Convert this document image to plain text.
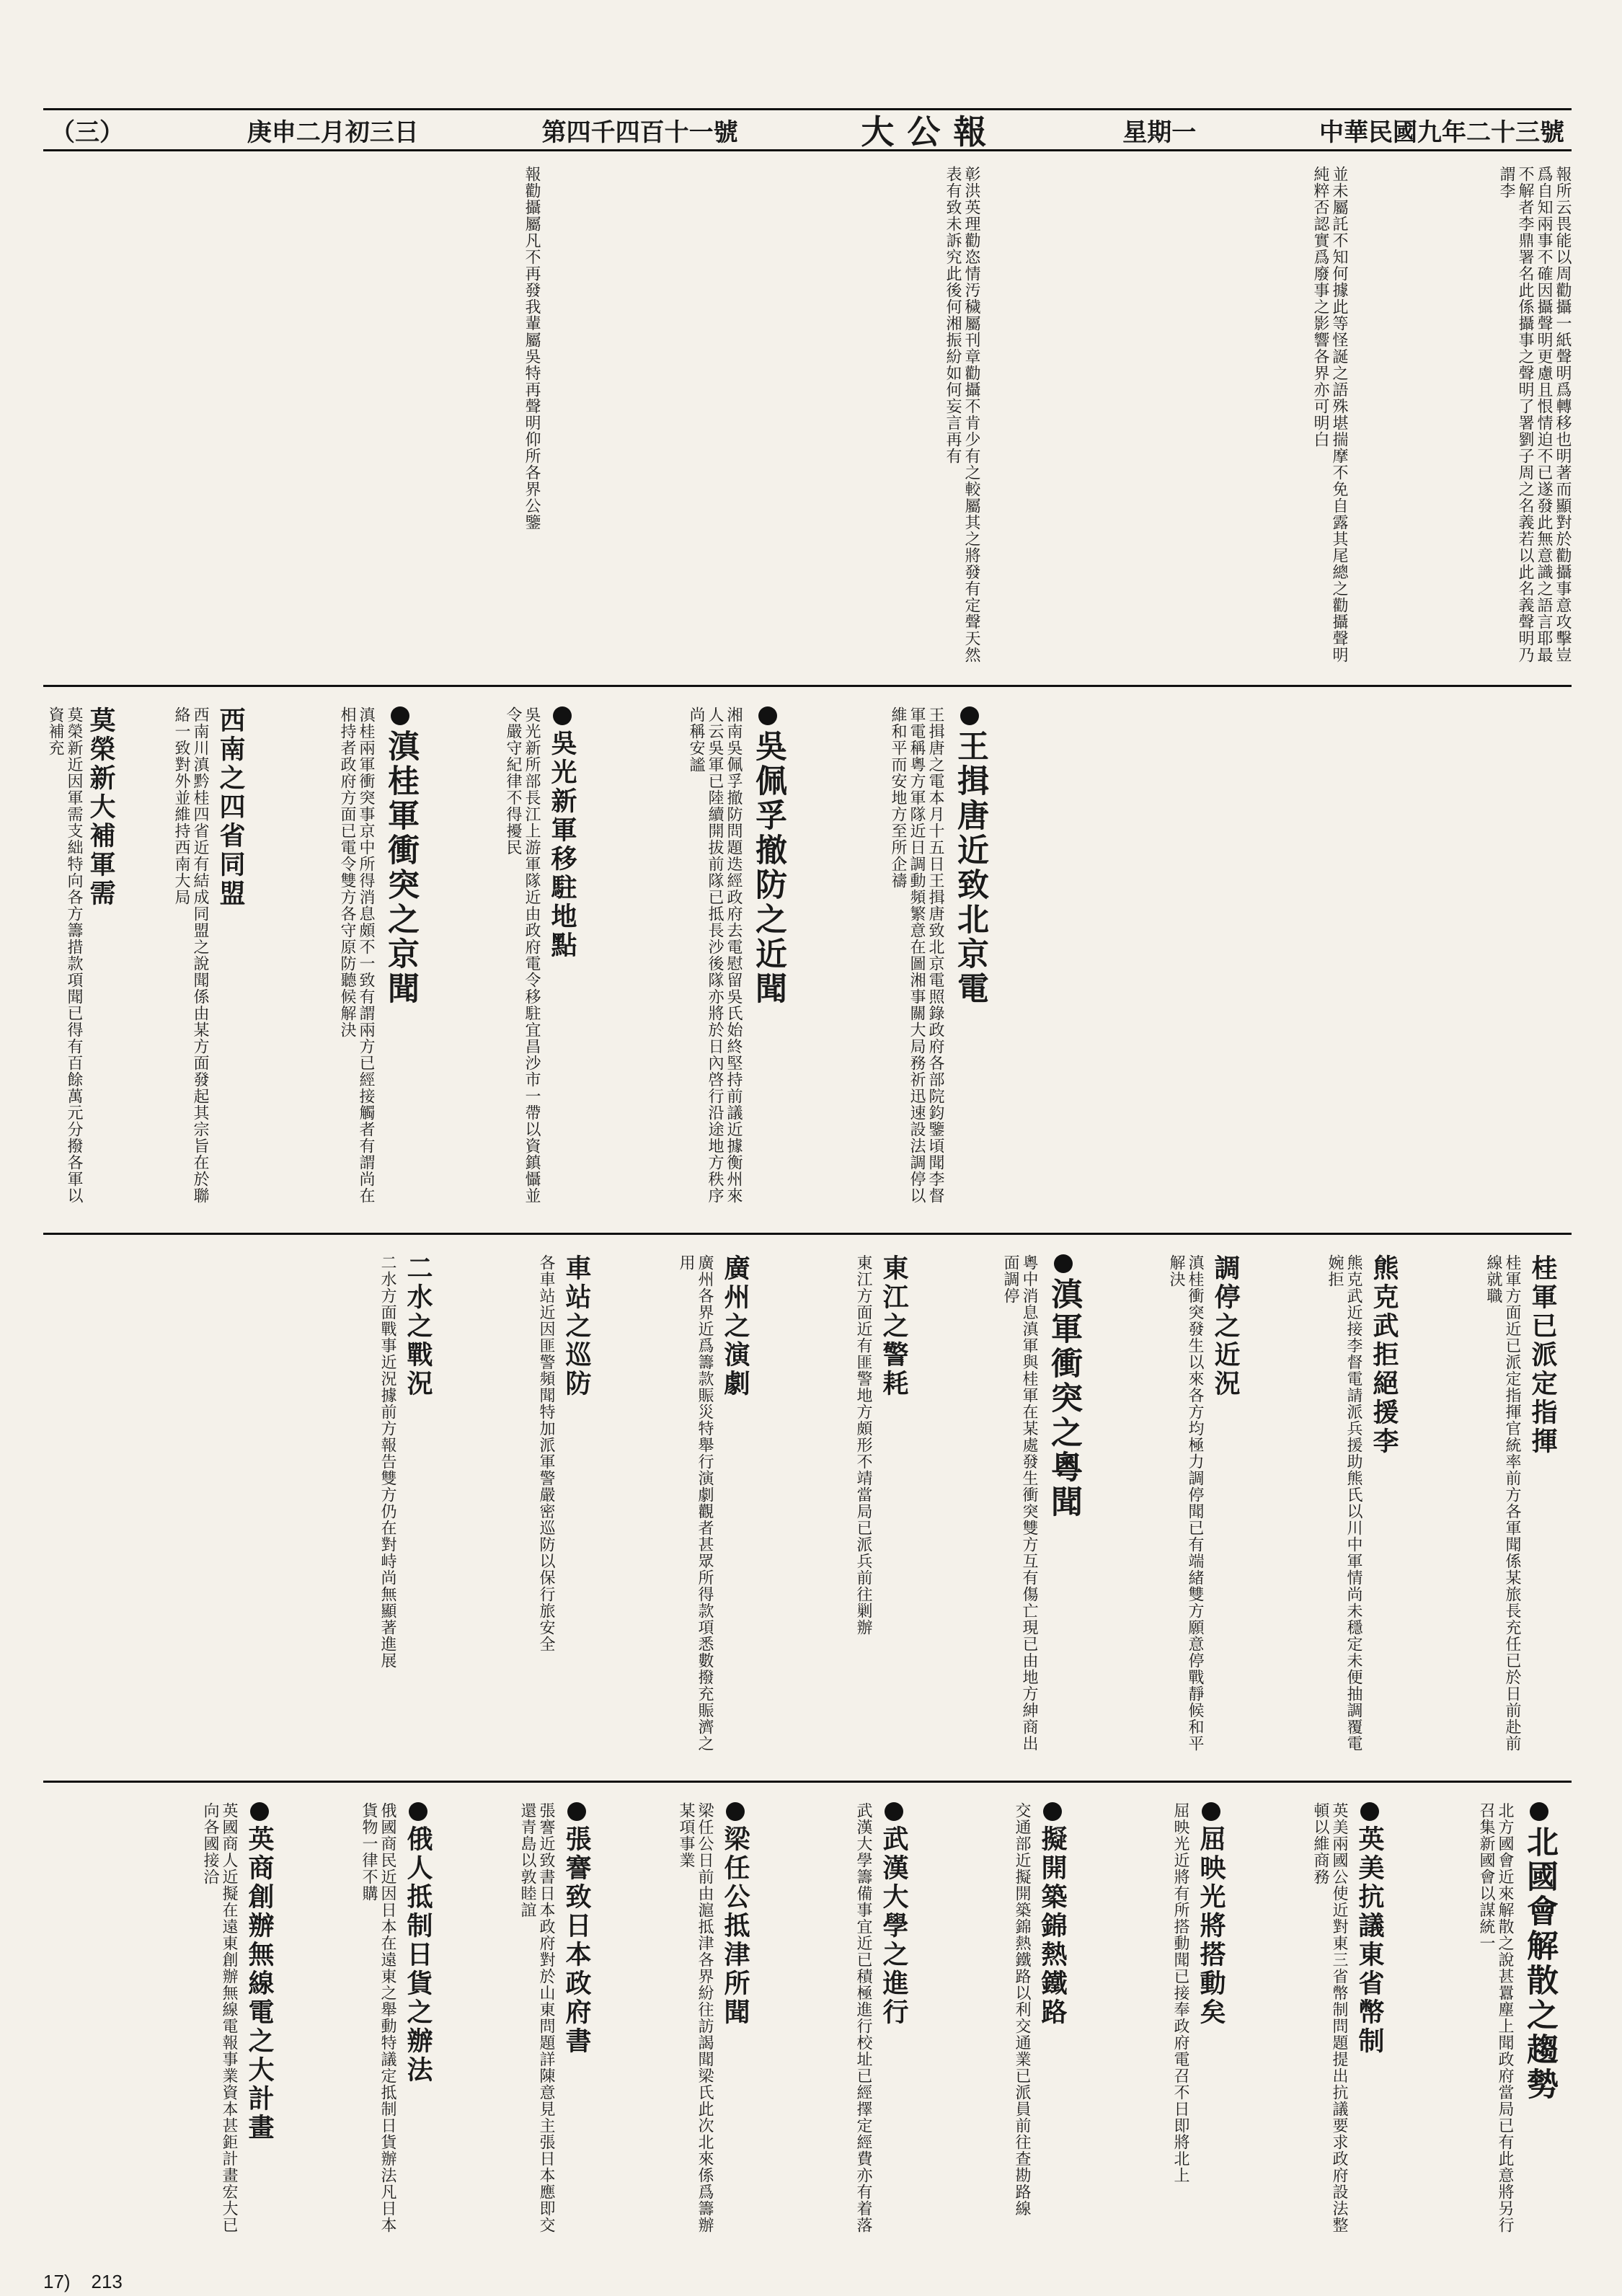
中華民國九年二十三號
星期一
大公報
第四千四百十一號
庚申二月初三日
（三）
報所云畏能以周勸攝一紙聲明爲轉移也明著而顯對於勸攝事意攻擊豈爲自知兩事不確因攝聲明更慮且恨情迫不已遂發此無意識之語言耶最不解者李鼎署名此係攝事之聲明了署劉子周之名義若以此名義聲明乃謂李
並未屬託不知何據此等怪誕之語殊堪揣摩不免自露其尾總之勸攝聲明純粹否認實爲廢事之影響各界亦可明白
彰洪英理勸恣情汚穢屬刊章勸攝不肯少有之較屬其之將發有定聲天然表有致未訴究此後何湘振紛如何妄言再有
報勸攝屬凡不再發我輩屬吳特再聲明仰所各界公鑒
王揖唐近致北京電
王揖唐之電本月十五日王揖唐致北京電照錄政府各部院鈞鑒頃聞李督軍電稱粵方軍隊近日調動頻繁意在圖湘事關大局務祈迅速設法調停以維和平而安地方至所企禱
吳佩孚撤防之近聞
湘南吳佩孚撤防問題迭經政府去電慰留吳氏始終堅持前議近據衡州來人云吳軍已陸續開拔前隊已抵長沙後隊亦將於日內啓行沿途地方秩序尚稱安謐
吳光新軍移駐地點
吳光新所部長江上游軍隊近由政府電令移駐宜昌沙市一帶以資鎮懾並令嚴守紀律不得擾民
滇桂軍衝突之京聞
滇桂兩軍衝突事京中所得消息頗不一致有謂兩方已經接觸者有謂尚在相持者政府方面已電令雙方各守原防聽候解決
西南之四省同盟
西南川滇黔桂四省近有結成同盟之說聞係由某方面發起其宗旨在於聯絡一致對外並維持西南大局
莫榮新大補軍需
莫榮新近因軍需支絀特向各方籌措款項聞已得有百餘萬元分撥各軍以資補充
桂軍已派定指揮
桂軍方面近已派定指揮官統率前方各軍聞係某旅長充任已於日前赴前線就職
熊克武拒絕援李
熊克武近接李督電請派兵援助熊氏以川中軍情尚未穩定未便抽調覆電婉拒
調停之近況
滇桂衝突發生以來各方均極力調停聞已有端緒雙方願意停戰靜候和平解決
滇軍衝突之粵聞
粵中消息滇軍與桂軍在某處發生衝突雙方互有傷亡現已由地方紳商出面調停
東江之警耗
東江方面近有匪警地方頗形不靖當局已派兵前往剿辦
廣州之演劇
廣州各界近爲籌款賑災特舉行演劇觀者甚眾所得款項悉數撥充賑濟之用
車站之巡防
各車站近因匪警頻聞特加派軍警嚴密巡防以保行旅安全
二水之戰況
二水方面戰事近況據前方報告雙方仍在對峙尚無顯著進展
北國會解散之趨勢
北方國會近來解散之說甚囂塵上聞政府當局已有此意將另行召集新國會以謀統一
英美抗議東省幣制
英美兩國公使近對東三省幣制問題提出抗議要求政府設法整頓以維商務
屈映光將搭動矣
屈映光近將有所搭動聞已接奉政府電召不日即將北上
擬開築錦熱鐵路
交通部近擬開築錦熱鐵路以利交通業已派員前往查勘路線
武漢大學之進行
武漢大學籌備事宜近已積極進行校址已經擇定經費亦有着落
梁任公抵津所聞
梁任公日前由滬抵津各界紛往訪謁聞梁氏此次北來係爲籌辦某項事業
張謇致日本政府書
張謇近致書日本政府對於山東問題詳陳意見主張日本應即交還青島以敦睦誼
俄人抵制日貨之辦法
俄國商民近因日本在遠東之舉動特議定抵制日貨辦法凡日本貨物一律不購
英商創辦無線電之大計畫
英國商人近擬在遠東創辦無線電報事業資本甚鉅計畫宏大已向各國接洽
17) 213
